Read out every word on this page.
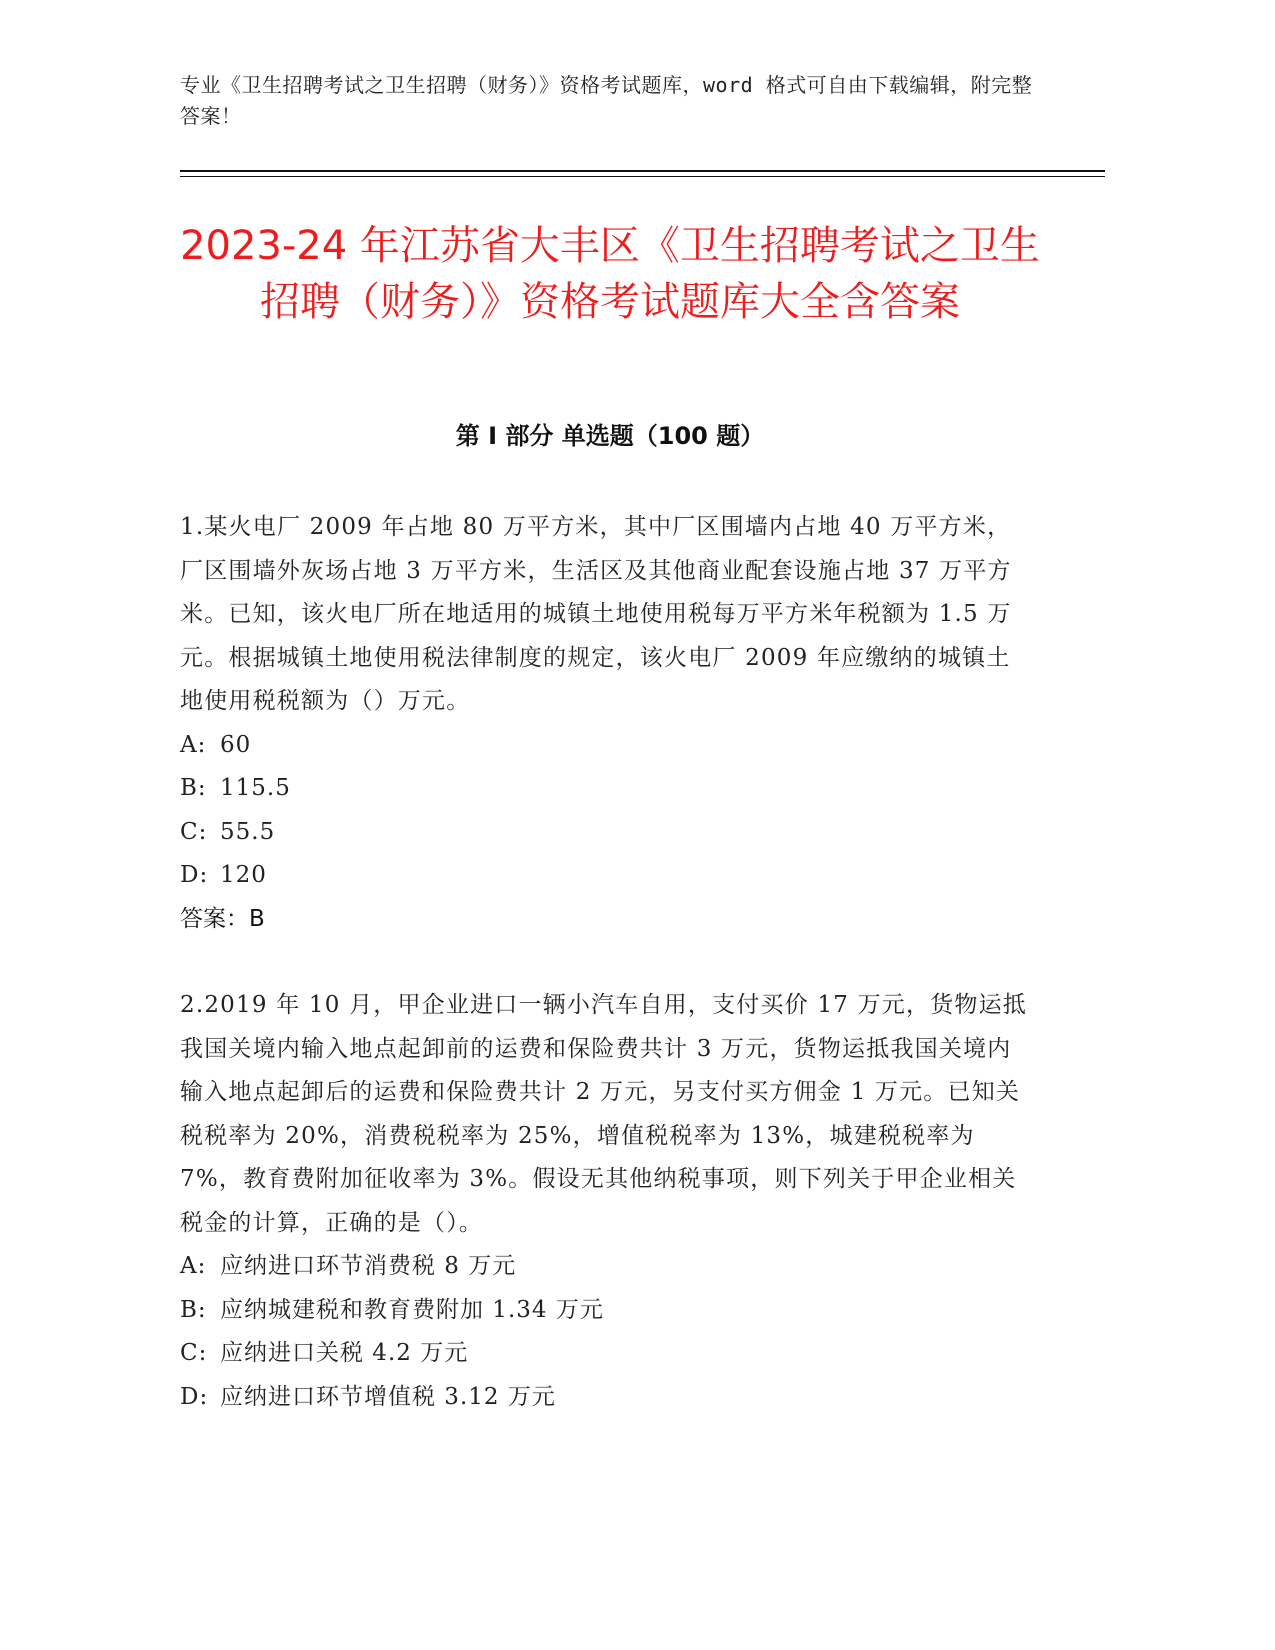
专业《卫生招聘考试之卫生招聘（财务）》资格考试题库，word 格式可自由下载编辑，附完整答案！
2023-24 年江苏省大丰区《卫生招聘考试之卫生招聘（财务）》资格考试题库大全含答案
第 I 部分 单选题（100 题）
1.某火电厂 2009 年占地 80 万平方米，其中厂区围墙内占地 40 万平方米，厂区围墙外灰场占地 3 万平方米，生活区及其他商业配套设施占地 37 万平方米。已知，该火电厂所在地适用的城镇土地使用税每万平方米年税额为 1.5 万元。根据城镇土地使用税法律制度的规定，该火电厂 2009 年应缴纳的城镇土地使用税税额为（）万元。
A: 60
B: 115.5
C: 55.5
D: 120
答案：B
2.2019 年 10 月，甲企业进口一辆小汽车自用，支付买价 17 万元，货物运抵我国关境内输入地点起卸前的运费和保险费共计 3 万元，货物运抵我国关境内输入地点起卸后的运费和保险费共计 2 万元，另支付买方佣金 1 万元。已知关税税率为 20%，消费税税率为 25%，增值税税率为 13%，城建税税率为 7%，教育费附加征收率为 3%。假设无其他纳税事项，则下列关于甲企业相关税金的计算，正确的是（）。
A: 应纳进口环节消费税 8 万元
B: 应纳城建税和教育费附加 1.34 万元
C: 应纳进口关税 4.2 万元
D: 应纳进口环节增值税 3.12 万元
